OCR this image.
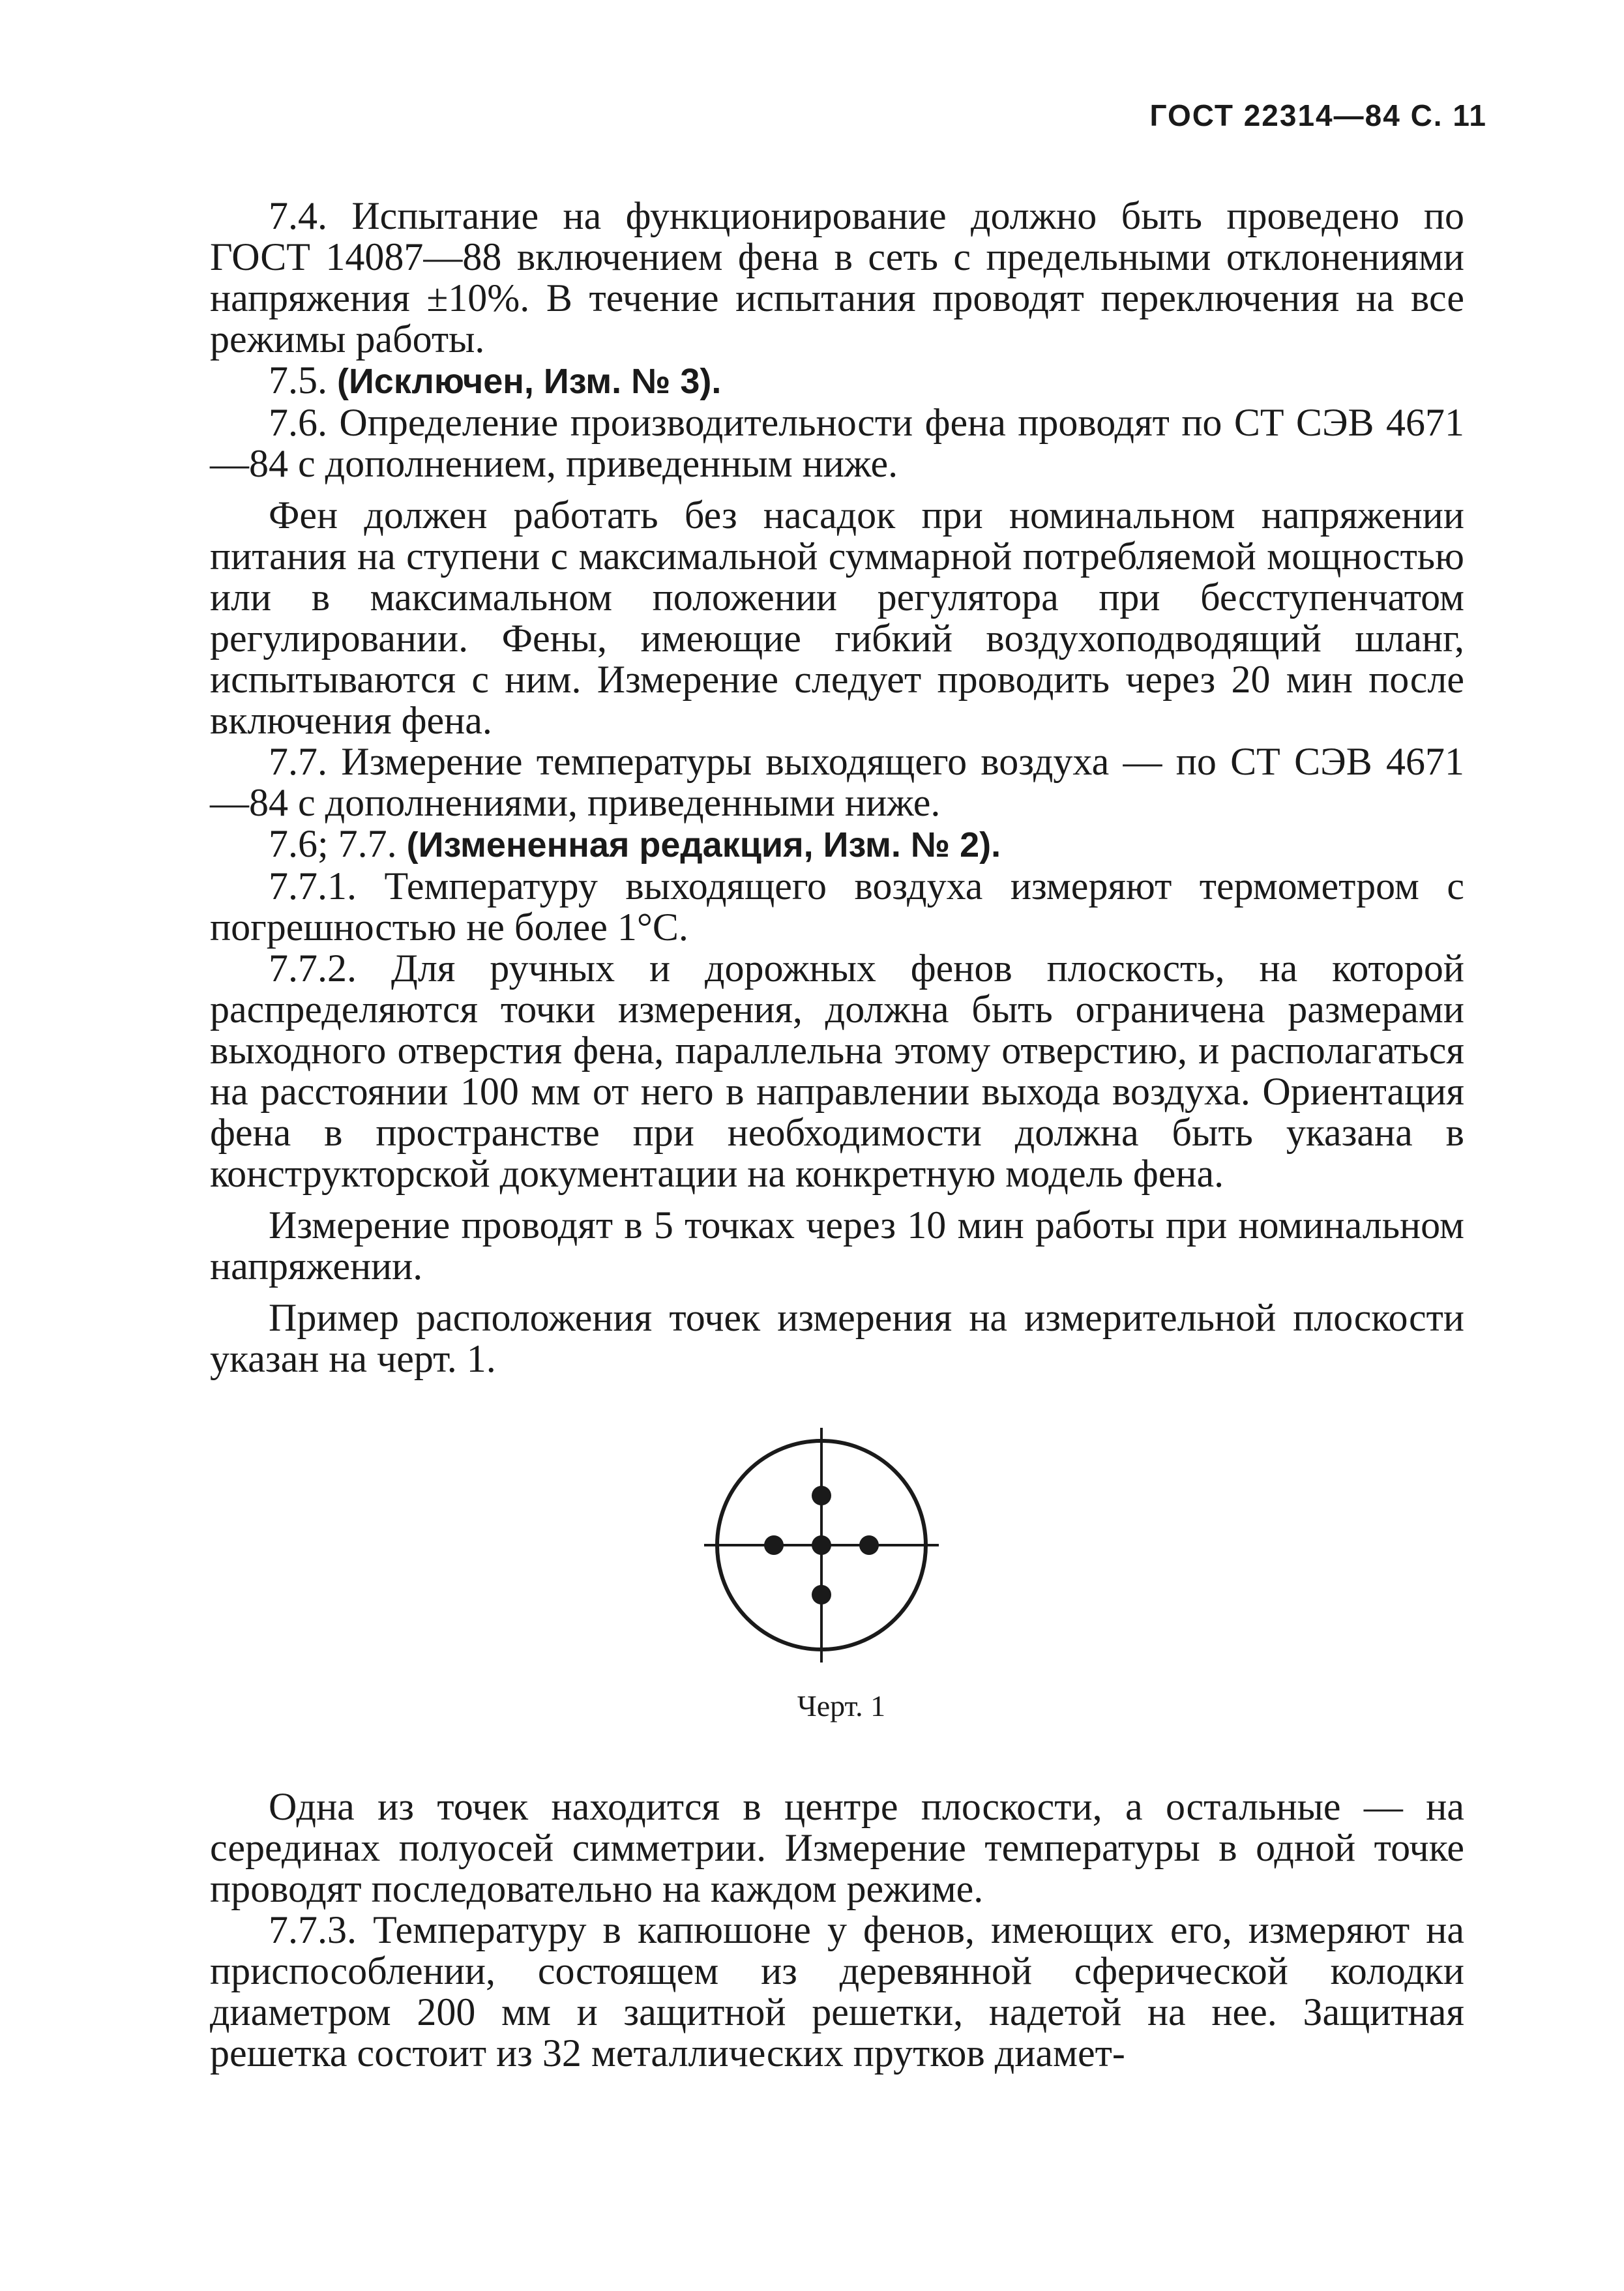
ГОСТ 22314—84 С. 11

7.4. Испытание на функционирование должно быть проведено по ГОСТ 14087—88 включением фена в сеть с предельными отклонениями напряжения ±10%. В течение испытания проводят переключения на все режимы работы.

7.5. (Исключен, Изм. № 3).

7.6. Определение производительности фена проводят по СТ СЭВ 4671—84 с дополнением, приведенным ниже.

Фен должен работать без насадок при номинальном напряжении питания на ступени с максимальной суммарной потребляемой мощностью или в максимальном положении регулятора при бесступенчатом регулировании. Фены, имеющие гибкий воздухоподводящий шланг, испытываются с ним. Измерение следует проводить через 20 мин после включения фена.

7.7. Измерение температуры выходящего воздуха — по СТ СЭВ 4671—84 с дополнениями, приведенными ниже.

7.6; 7.7. (Измененная редакция, Изм. № 2).

7.7.1. Температуру выходящего воздуха измеряют термометром с погрешностью не более 1°С.

7.7.2. Для ручных и дорожных фенов плоскость, на которой распределяются точки измерения, должна быть ограничена размерами выходного отверстия фена, параллельна этому отверстию, и располагаться на расстоянии 100 мм от него в направлении выхода воздуха. Ориентация фена в пространстве при необходимости должна быть указана в конструкторской документации на конкретную модель фена.

Измерение проводят в 5 точках через 10 мин работы при номинальном напряжении.

Пример расположения точек измерения на измерительной плоскости указан на черт. 1.

Черт. 1

Одна из точек находится в центре плоскости, а остальные — на серединах полуосей симметрии. Измерение температуры в одной точке проводят последовательно на каждом режиме.

7.7.3. Температуру в капюшоне у фенов, имеющих его, измеряют на приспособлении, состоящем из деревянной сферической колодки диаметром 200 мм и защитной решетки, надетой на нее. Защитная решетка состоит из 32 металлических прутков диамет-
